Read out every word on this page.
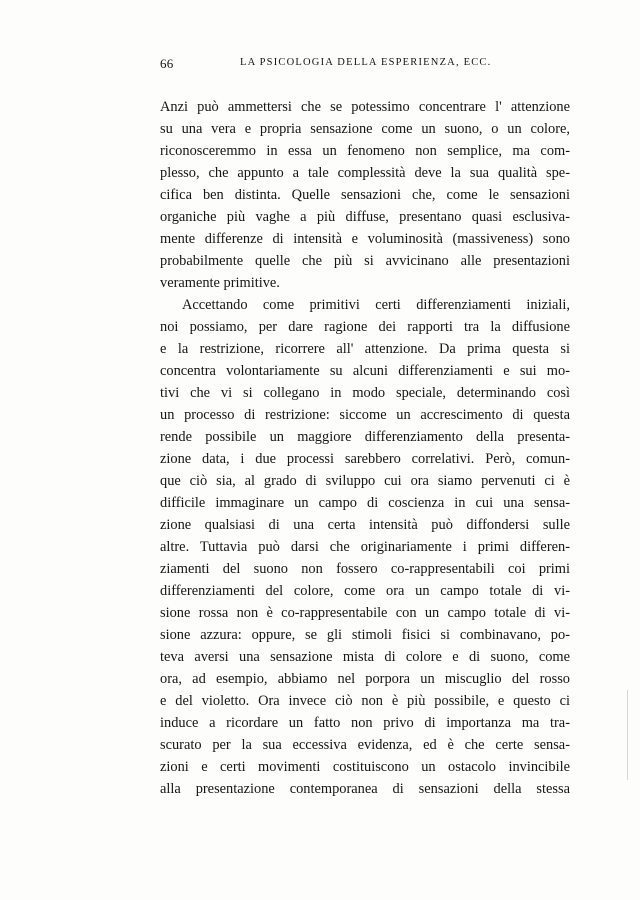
66	LA PSICOLOGIA DELLA ESPERIENZA, ECC.
Anzi può ammettersi che se potessimo concentrare l' attenzione
su una vera e propria sensazione come un suono, o un colore,
riconosceremmo in essa un fenomeno non semplice, ma com-
plesso, che appunto a tale complessità deve la sua qualità spe-
cifica ben distinta. Quelle sensazioni che, come le sensazioni
organiche più vaghe a più diffuse, presentano quasi esclusiva-
mente differenze di intensità e voluminosità (massiveness) sono
probabilmente quelle che più si avvicinano alle presentazioni
veramente primitive.
Accettando come primitivi certi differenziamenti iniziali,
noi possiamo, per dare ragione dei rapporti tra la diffusione
e la restrizione, ricorrere all' attenzione. Da prima questa si
concentra volontariamente su alcuni differenziamenti e sui mo-
tivi che vi si collegano in modo speciale, determinando così
un processo di restrizione: siccome un accrescimento di questa
rende possibile un maggiore differenziamento della presenta-
zione data, i due processi sarebbero correlativi. Però, comun-
que ciò sia, al grado di sviluppo cui ora siamo pervenuti ci è
difficile immaginare un campo di coscienza in cui una sensa-
zione qualsiasi di una certa intensità può diffondersi sulle
altre. Tuttavia può darsi che originariamente i primi differen-
ziamenti del suono non fossero co-rappresentabili coi primi
differenziamenti del colore, come ora un campo totale di vi-
sione rossa non è co-rappresentabile con un campo totale di vi-
sione azzura: oppure, se gli stimoli fisici si combinavano, po-
teva aversi una sensazione mista di colore e di suono, come
ora, ad esempio, abbiamo nel porpora un miscuglio del rosso
e del violetto. Ora invece ciò non è più possibile, e questo ci
induce a ricordare un fatto non privo di importanza ma tra-
scurato per la sua eccessiva evidenza, ed è che certe sensa-
zioni e certi movimenti costituiscono un ostacolo invincibile
alla presentazione contemporanea di sensazioni della stessa
